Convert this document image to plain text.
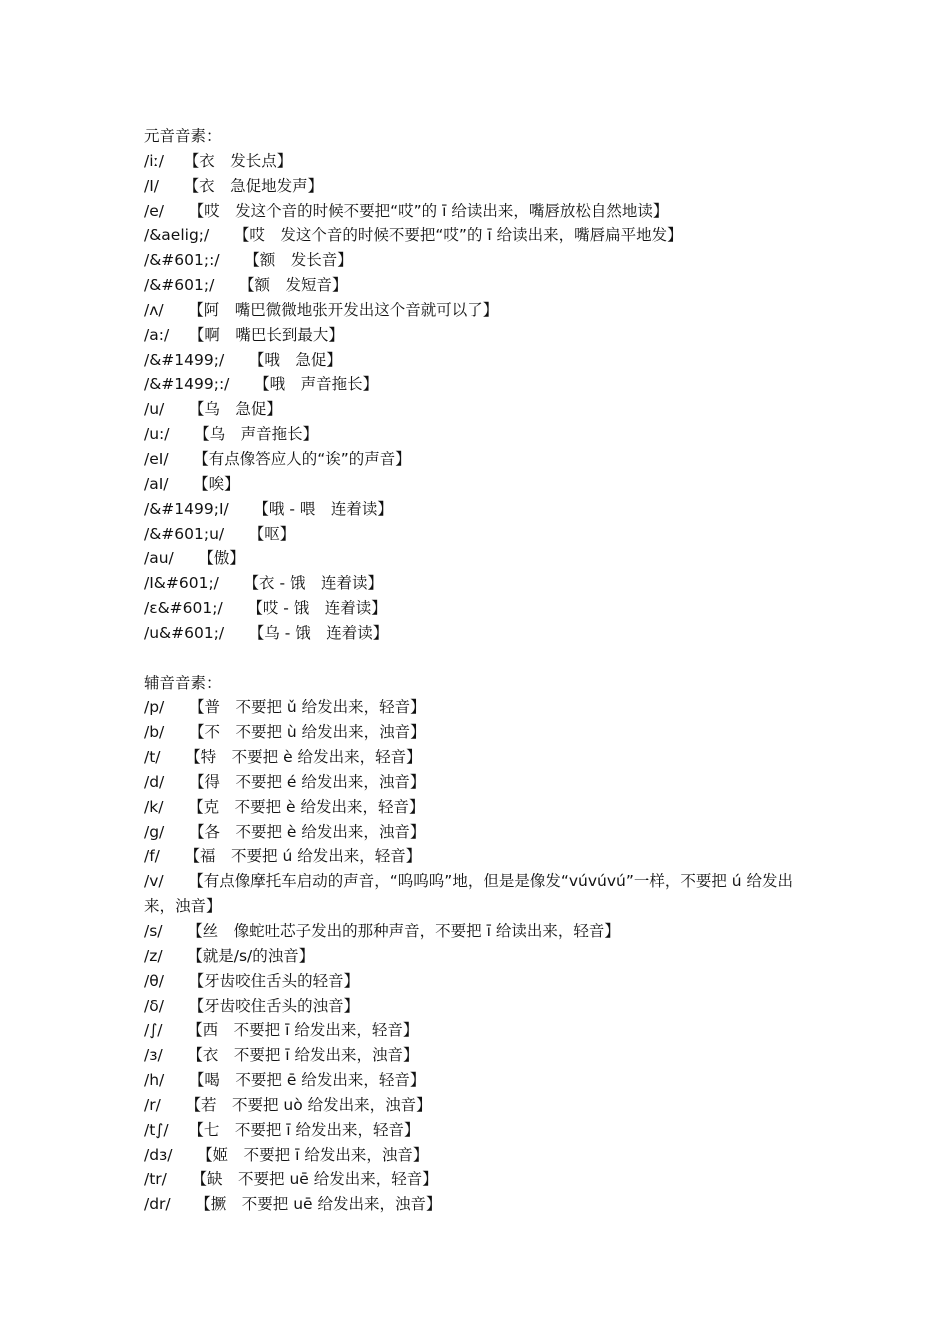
元音音素：
/iː/ 【衣　发长点】
/I/ 【衣　急促地发声】
/e/ 【哎　发这个音的时候不要把“哎”的 ī 给读出来，嘴唇放松自然地读】
/&aelig;/ 【哎　发这个音的时候不要把“哎”的 ī 给读出来，嘴唇扁平地发】
/&#601;:/ 【额　发长音】
/&#601;/ 【额　发短音】
/ʌ/ 【阿　嘴巴微微地张开发出这个音就可以了】
/a:/ 【啊　嘴巴长到最大】
/&#1499;/ 【哦　急促】
/&#1499;:/ 【哦　声音拖长】
/u/ 【乌　急促】
/u:/ 【乌　声音拖长】
/eI/ 【有点像答应人的“诶”的声音】
/aI/ 【唉】
/&#1499;I/ 【哦 - 喂　连着读】
/&#601;u/ 【呕】
/au/ 【傲】
/I&#601;/ 【衣 - 饿　连着读】
/ε&#601;/ 【哎 - 饿　连着读】
/u&#601;/ 【乌 - 饿　连着读】
辅音音素：
/p/ 【普　不要把 ǔ 给发出来，轻音】
/b/ 【不　不要把 ù 给发出来，浊音】
/t/ 【特　不要把 è 给发出来，轻音】
/d/ 【得　不要把 é 给发出来，浊音】
/k/ 【克　不要把 è 给发出来，轻音】
/g/ 【各　不要把 è 给发出来，浊音】
/f/ 【福　不要把 ú 给发出来，轻音】
/v/ 【有点像摩托车启动的声音，“呜呜呜”地，但是是像发“vúvúvú”一样，不要把 ú 给发出来，浊音】
/s/ 【丝　像蛇吐芯子发出的那种声音，不要把 ī 给读出来，轻音】
/z/ 【就是/s/的浊音】
/θ/ 【牙齿咬住舌头的轻音】
/δ/ 【牙齿咬住舌头的浊音】
/∫/ 【西　不要把 ī 给发出来，轻音】
/з/ 【衣　不要把 ī 给发出来，浊音】
/h/ 【喝　不要把 ē 给发出来，轻音】
/r/ 【若　不要把 uò 给发出来，浊音】
/t∫/ 【七　不要把 ī 给发出来，轻音】
/dз/ 【姬　不要把 ī 给发出来，浊音】
/tr/ 【缺　不要把 uē 给发出来，轻音】
/dr/ 【撅　不要把 uē 给发出来，浊音】
